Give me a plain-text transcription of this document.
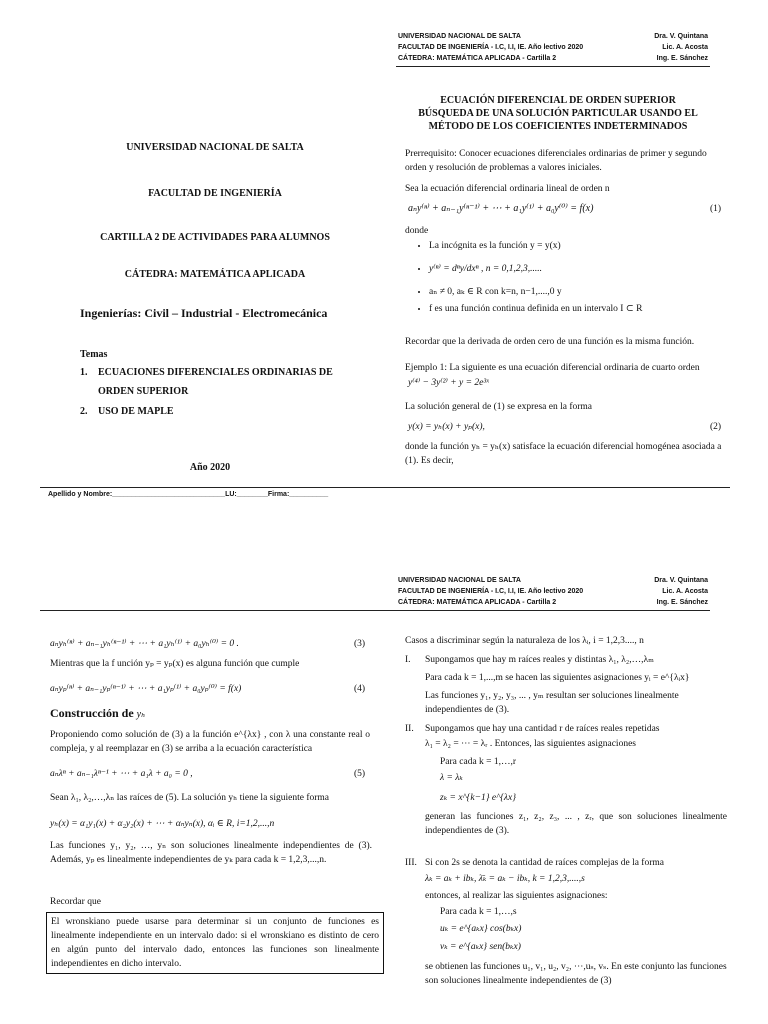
UNIVERSIDAD NACIONAL DE SALTA
FACULTAD DE INGENIERÍA - I.C, I.I, IE. Año lectivo 2020
CÁTEDRA: MATEMÁTICA APLICADA - Cartilla 2
Dra. V. Quintana
Lic. A. Acosta
Ing. E. Sánchez
UNIVERSIDAD NACIONAL DE SALTA
FACULTAD DE INGENIERÍA
CARTILLA 2 DE ACTIVIDADES PARA ALUMNOS
CÁTEDRA: MATEMÁTICA APLICADA
Ingenierías: Civil – Industrial - Electromecánica
Temas
1. ECUACIONES DIFERENCIALES ORDINARIAS DE
ORDEN SUPERIOR
2. USO DE MAPLE
Año 2020
ECUACIÓN DIFERENCIAL DE ORDEN SUPERIOR
BÚSQUEDA DE UNA SOLUCIÓN PARTICULAR USANDO EL
MÉTODO DE LOS COEFICIENTES INDETERMINADOS
Prerrequisito: Conocer ecuaciones diferenciales ordinarias de primer y segundo orden y resolución de problemas a valores iniciales.
Sea la ecuación diferencial ordinaria lineal de orden n
aₙy⁽ⁿ⁾ + aₙ₋₁y⁽ⁿ⁻¹⁾ + ⋯ + a₁y⁽¹⁾ + a₀y⁽⁰⁾ = f(x)	(1)
donde
• La incógnita es la función y = y(x)
• y⁽ⁿ⁾ = dⁿy/dxⁿ , n = 0,1,2,3,.....
• aₙ ≠ 0, aₖ ∈ R con k=n, n−1,....,0 y
• f es una función continua definida en un intervalo I ⊂ R
Recordar que la derivada de orden cero de una función es la misma función.
Ejemplo 1: La siguiente es una ecuación diferencial ordinaria de cuarto orden
y⁽⁴⁾ − 3y⁽²⁾ + y = 2e³ˣ
La solución general de (1) se expresa en la forma
y(x) = yₕ(x) + yₚ(x),	(2)
donde la función yₕ = yₕ(x) satisface la ecuación diferencial homogénea asociada a (1). Es decir,
Apellido y Nombre:_____________________________LU:________Firma:__________
UNIVERSIDAD NACIONAL DE SALTA
FACULTAD DE INGENIERÍA - I.C, I.I, IE. Año lectivo 2020
CÁTEDRA: MATEMÁTICA APLICADA - Cartilla 2
Dra. V. Quintana
Lic. A. Acosta
Ing. E. Sánchez
aₙyₕ⁽ⁿ⁾ + aₙ₋₁yₕ⁽ⁿ⁻¹⁾ + ⋯ + a₁yₕ⁽¹⁾ + a₀yₕ⁽⁰⁾ = 0 .	(3)
Mientras que la f unción yₚ = yₚ(x) es alguna función que cumple
aₙyₚ⁽ⁿ⁾ + aₙ₋₁yₚ⁽ⁿ⁻¹⁾ + ⋯ + a₁yₚ⁽¹⁾ + a₀yₚ⁽⁰⁾ = f(x)	(4)
Construcción de yₕ
Proponiendo como solución de (3) a la función e^{λx} , con λ una constante real o compleja, y al reemplazar en (3) se arriba a la ecuación característica
aₙλⁿ + aₙ₋₁λⁿ⁻¹ + ⋯ + a₁λ + a₀ = 0 ,	(5)
Sean λ₁, λ₂,…,λₙ las raíces de (5). La solución yₕ tiene la siguiente forma
yₕ(x) = α₁y₁(x) + α₂y₂(x) + ⋯ + αₙyₙ(x), αᵢ ∈ R, i=1,2,...,n
Las funciones y₁, y₂, …, yₙ son soluciones linealmente independientes de (3). Además, yₚ es linealmente independientes de yₖ para cada k = 1,2,3,...,n.
Recordar que
El wronskiano puede usarse para determinar si un conjunto de funciones es linealmente independiente en un intervalo dado: si el wronskiano es distinto de cero en algún punto del intervalo dado, entonces las funciones son linealmente independientes en dicho intervalo.
Casos a discriminar según la naturaleza de los λᵢ, i = 1,2,3...., n
I. Supongamos que hay m raíces reales y distintas λ₁, λ₂,…,λₘ
Para cada k = 1,...,m se hacen las siguientes asignaciones yᵢ = e^{λᵢx}
Las funciones y₁, y₂, y₃, ... , yₘ resultan ser soluciones linealmente independientes de (3).
II. Supongamos que hay una cantidad r de raíces reales repetidas
λ₁ = λ₂ = ⋯ = λᵣ . Entonces, las siguientes asignaciones
Para cada k = 1,…,r
λ = λₖ
zₖ = x^{k−1} e^{λx}
generan las funciones z₁, z₂, z₃, ... , zᵣ, que son soluciones linealmente independientes de (3).
III. Si con 2s se denota la cantidad de raíces complejas de la forma
λₖ = aₖ + ibₖ, λ̄ₖ = aₖ − ibₖ, k = 1,2,3,....,s
entonces, al realizar las siguientes asignaciones:
Para cada k = 1,…,s
uₖ = e^{aₖx} cos(bₖx)
vₖ = e^{aₖx} sen(bₖx)
se obtienen las funciones u₁, v₁, u₂, v₂, ⋯,uₛ, vₛ. En este conjunto las funciones son soluciones linealmente independientes de (3)
